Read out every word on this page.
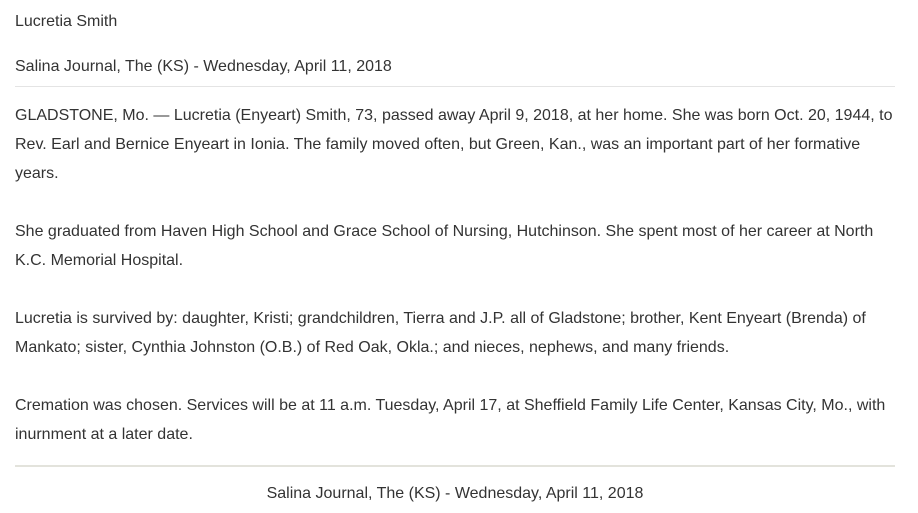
Lucretia Smith
Salina Journal, The (KS) - Wednesday, April 11, 2018

GLADSTONE, Mo. — Lucretia (Enyeart) Smith, 73, passed away April 9, 2018, at her home. She was born Oct. 20, 1944, to Rev. Earl and Bernice Enyeart in Ionia. The family moved often, but Green, Kan., was an important part of her formative years.

She graduated from Haven High School and Grace School of Nursing, Hutchinson. She spent most of her career at North K.C. Memorial Hospital.

Lucretia is survived by: daughter, Kristi; grandchildren, Tierra and J.P. all of Gladstone; brother, Kent Enyeart (Brenda) of Mankato; sister, Cynthia Johnston (O.B.) of Red Oak, Okla.; and nieces, nephews, and many friends.

Cremation was chosen. Services will be at 11 a.m. Tuesday, April 17, at Sheffield Family Life Center, Kansas City, Mo., with inurnment at a later date.

Salina Journal, The (KS) - Wednesday, April 11, 2018
